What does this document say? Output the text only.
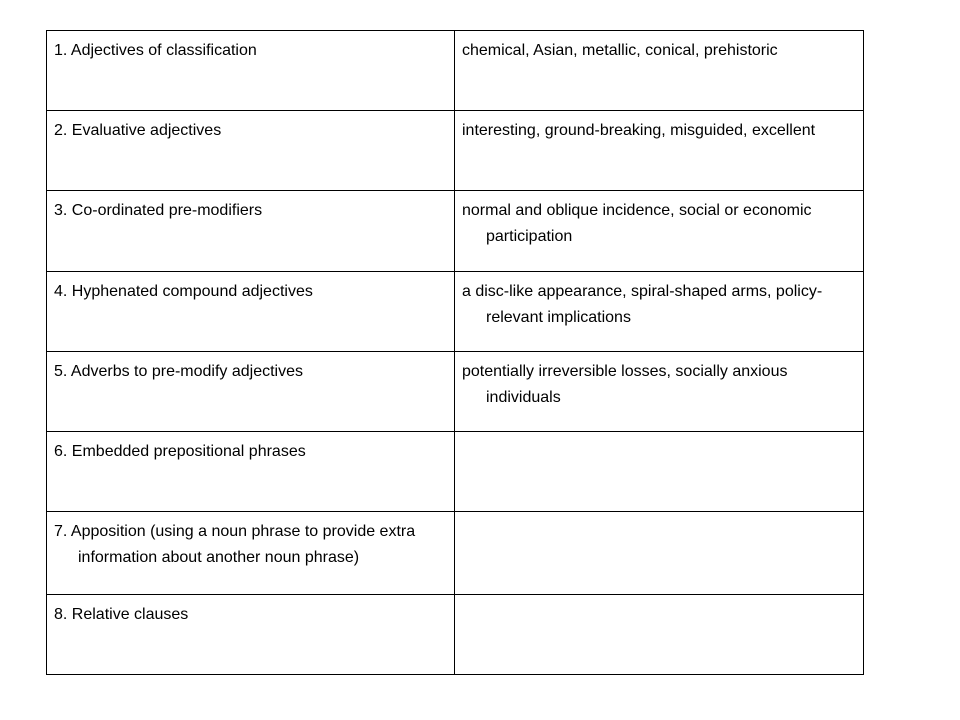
1. Adjectives of classification	chemical, Asian, metallic, conical, prehistoric

2. Evaluative adjectives	interesting, ground-breaking, misguided, excellent

3. Co-ordinated pre-modifiers	normal and oblique incidence, social or economic participation

4. Hyphenated compound adjectives	a disc-like appearance, spiral-shaped arms, policy-relevant implications

5. Adverbs to pre-modify adjectives	potentially irreversible losses, socially anxious individuals

6. Embedded prepositional phrases	

7. Apposition (using a noun phrase to provide extra information about another noun phrase)	

8. Relative clauses	
